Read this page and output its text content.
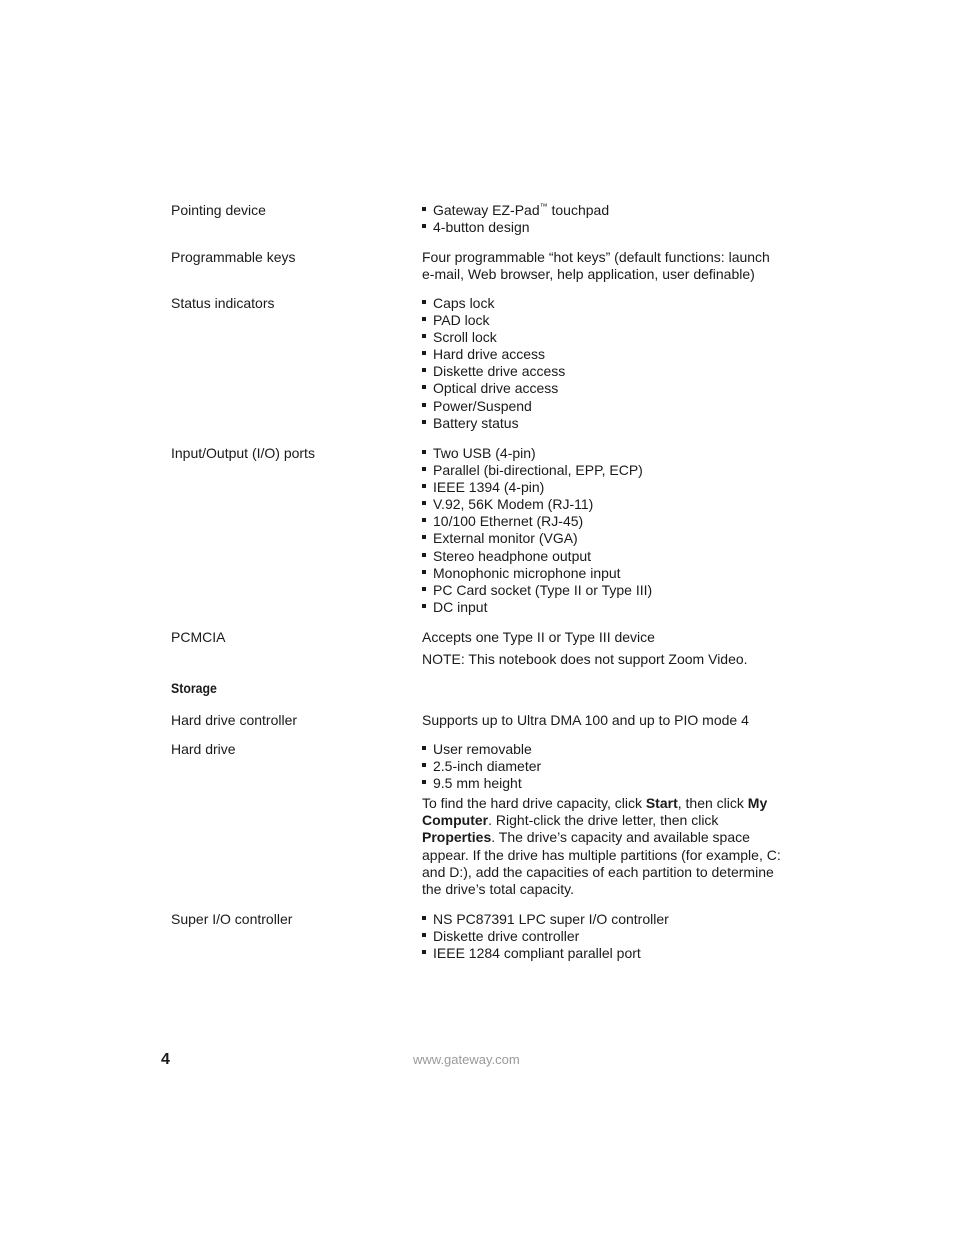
Pointing device	Gateway EZ-Pad™ touchpad
4-button design
Programmable keys	Four programmable “hot keys” (default functions: launch e-mail, Web browser, help application, user definable)

Status indicators	Caps lock
PAD lock
Scroll lock
Hard drive access
Diskette drive access
Optical drive access
Power/Suspend
Battery status
Input/Output (I/O) ports	Two USB (4-pin)
Parallel (bi-directional, EPP, ECP)
IEEE 1394 (4-pin)
V.92, 56K Modem (RJ-11)
10/100 Ethernet (RJ-45)
External monitor (VGA)
Stereo headphone output
Monophonic microphone input
PC Card socket (Type II or Type III)
DC input
PCMCIA	Accepts one Type II or Type III device

NOTE: This notebook does not support Zoom Video.

Storage
Hard drive controller	Supports up to Ultra DMA 100 and up to PIO mode 4

Hard drive	User removable
2.5-inch diameter
9.5 mm height

To find the hard drive capacity, click Start, then click My Computer. Right-click the drive letter, then click Properties. The drive’s capacity and available space appear. If the drive has multiple partitions (for example, C: and D:), add the capacities of each partition to determine the drive’s total capacity.

Super I/O controller	NS PC87391 LPC super I/O controller
Diskette drive controller
IEEE 1284 compliant parallel port
4	www.gateway.com
